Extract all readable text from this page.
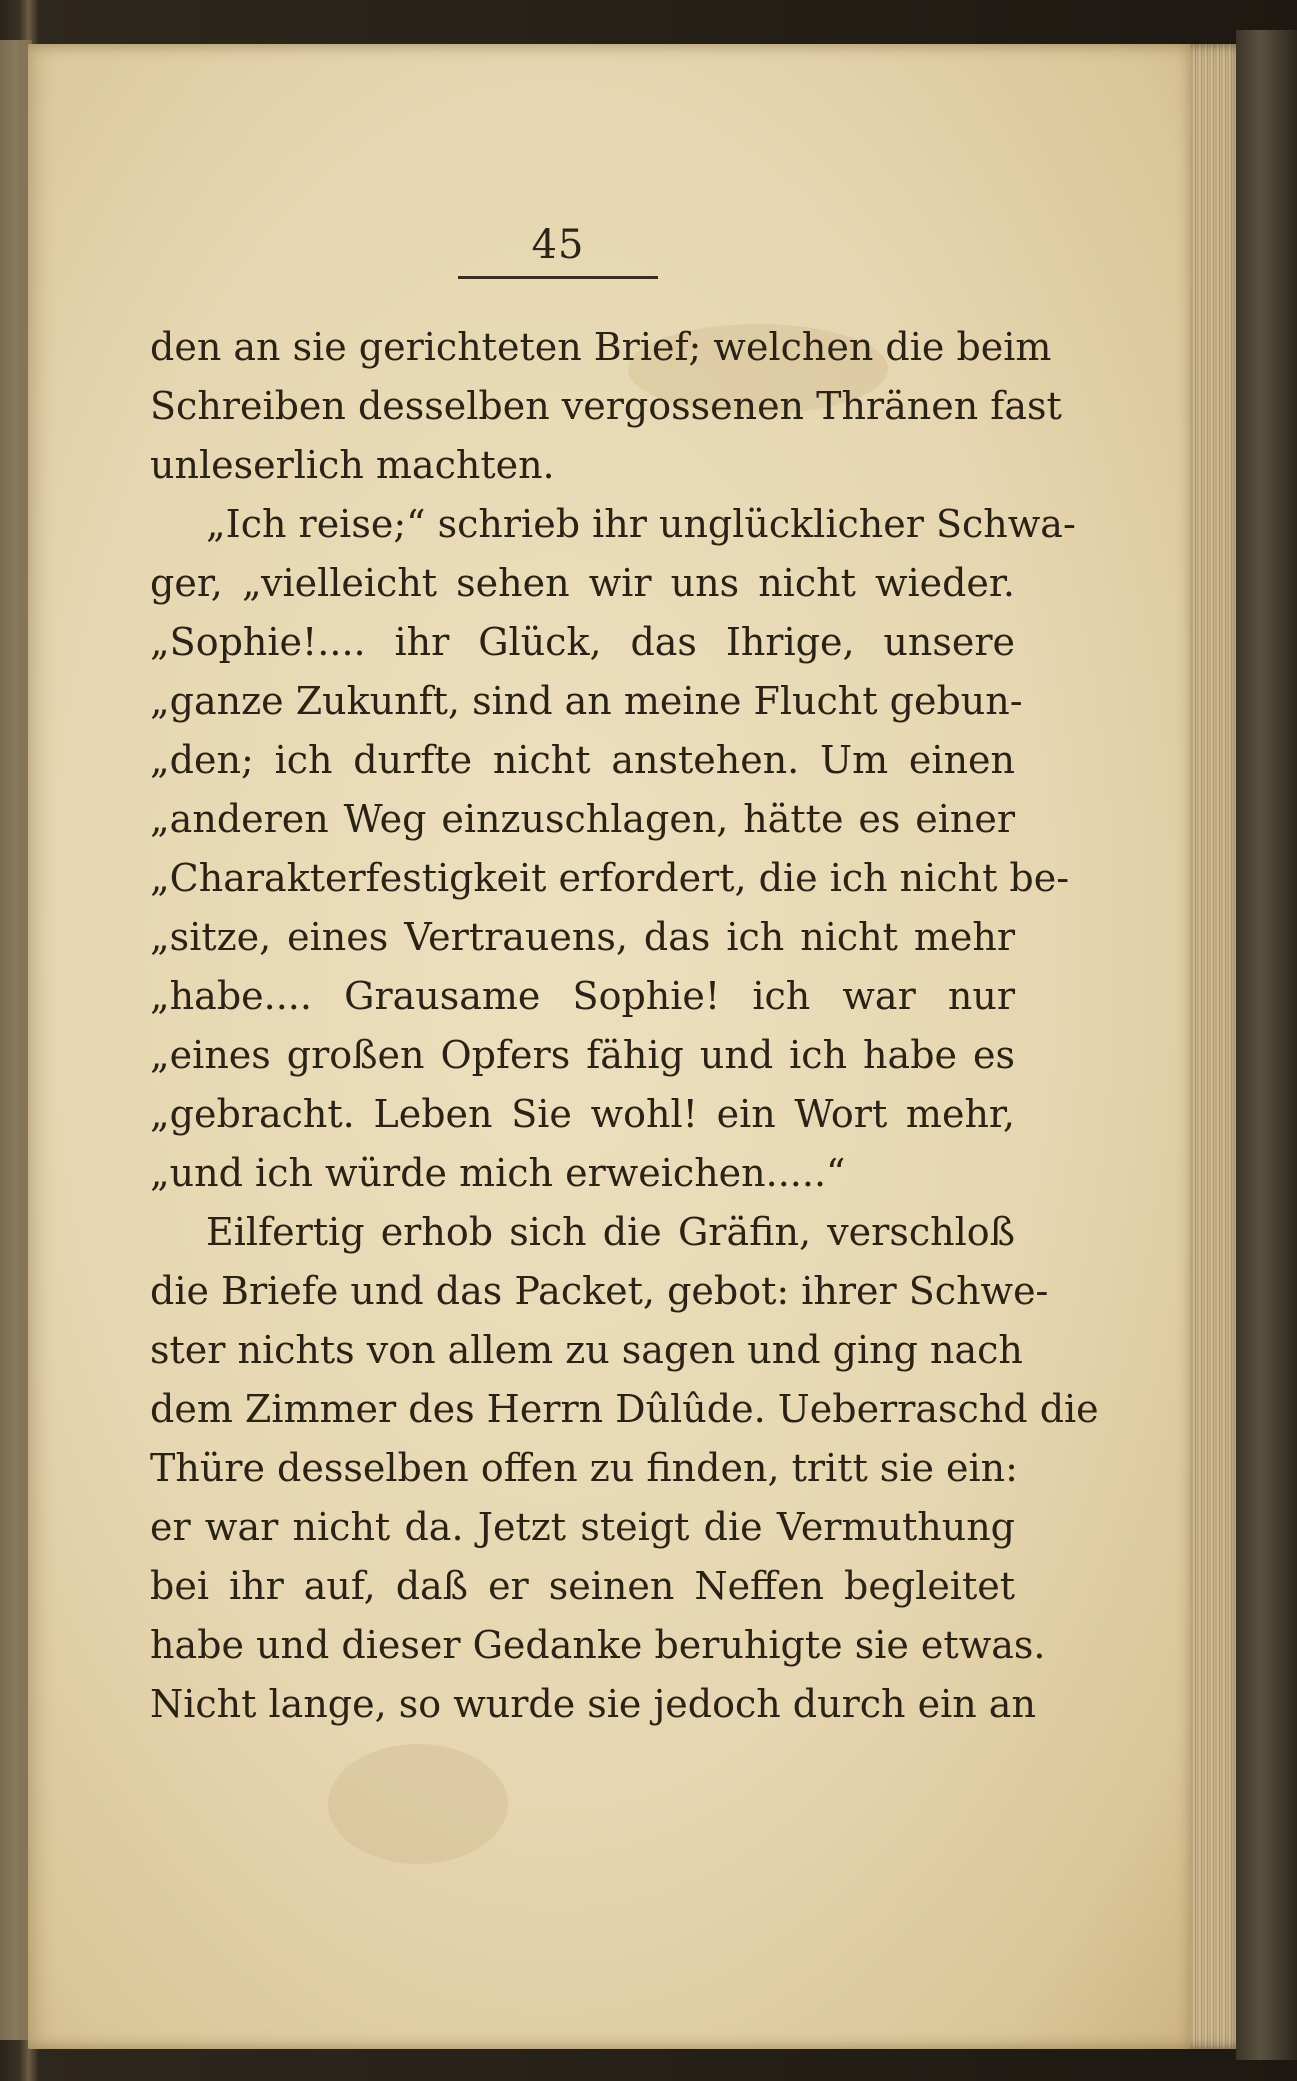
45
den an sie gerichteten Brief; welchen die beim
Schreiben desselben vergossenen Thränen fast
unleserlich machten.
„Ich reise;“ schrieb ihr unglücklicher Schwa-
ger, „vielleicht sehen wir uns nicht wieder.
„Sophie!.... ihr Glück, das Ihrige, unsere
„ganze Zukunft, sind an meine Flucht gebun-
„den; ich durfte nicht anstehen. Um einen
„anderen Weg einzuschlagen, hätte es einer
„Charakterfestigkeit erfordert, die ich nicht be-
„sitze, eines Vertrauens, das ich nicht mehr
„habe.... Grausame Sophie! ich war nur
„eines großen Opfers fähig und ich habe es
„gebracht. Leben Sie wohl! ein Wort mehr,
„und ich würde mich erweichen.....“
Eilfertig erhob sich die Gräfin, verschloß
die Briefe und das Packet, gebot: ihrer Schwe-
ster nichts von allem zu sagen und ging nach
dem Zimmer des Herrn Dûlûde. Ueberraschd die
Thüre desselben offen zu finden, tritt sie ein:
er war nicht da. Jetzt steigt die Vermuthung
bei ihr auf, daß er seinen Neffen begleitet
habe und dieser Gedanke beruhigte sie etwas.
Nicht lange, so wurde sie jedoch durch ein an
